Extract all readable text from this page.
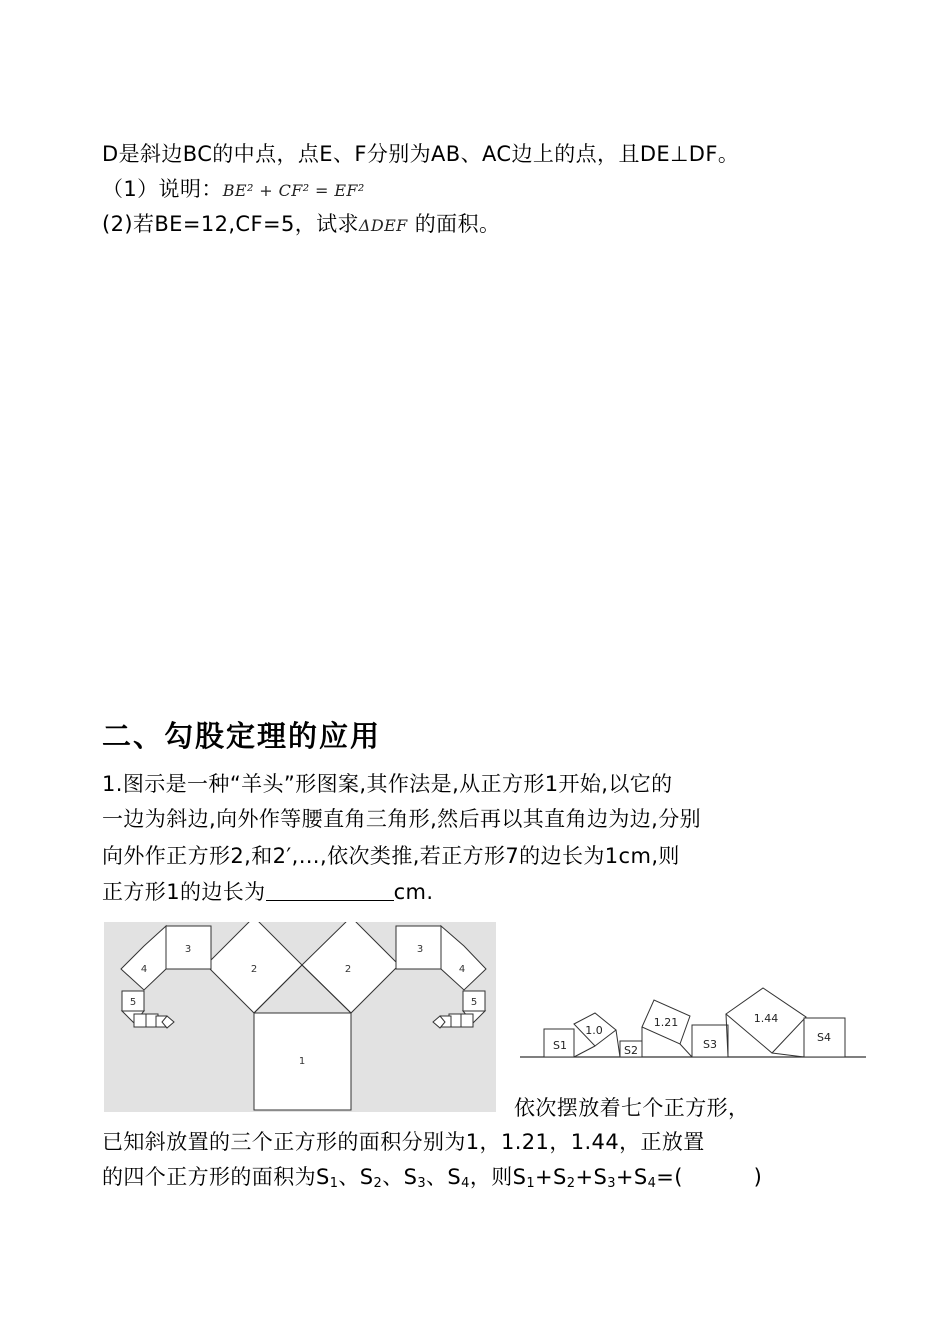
D是斜边BC的中点，点E、F分别为AB、AC边上的点，且DE⊥DF。
（1）说明：BE² + CF² = EF²
(2)若BE=12,CF=5，试求ΔDEF 的面积。
二、勾股定理的应用
1.图示是一种“羊头”形图案,其作法是,从正方形1开始,以它的
一边为斜边,向外作等腰直角三角形,然后再以其直角边为边,分别
向外作正方形2,和2′,…,依次类推,若正方形7的边长为1cm,则
正方形1的边长为	cm.
1
2	2
3	3
4	4
5	5
S1
1.0
S2
1.21
S3
1.44
S4
依次摆放着七个正方形，
已知斜放置的三个正方形的面积分别为1，1.21，1.44，正放置
的四个正方形的面积为$S_1$、$S_2$、$S_3$、$S_4$，则$S_1+S_2+S_3+S_4=$(          )
